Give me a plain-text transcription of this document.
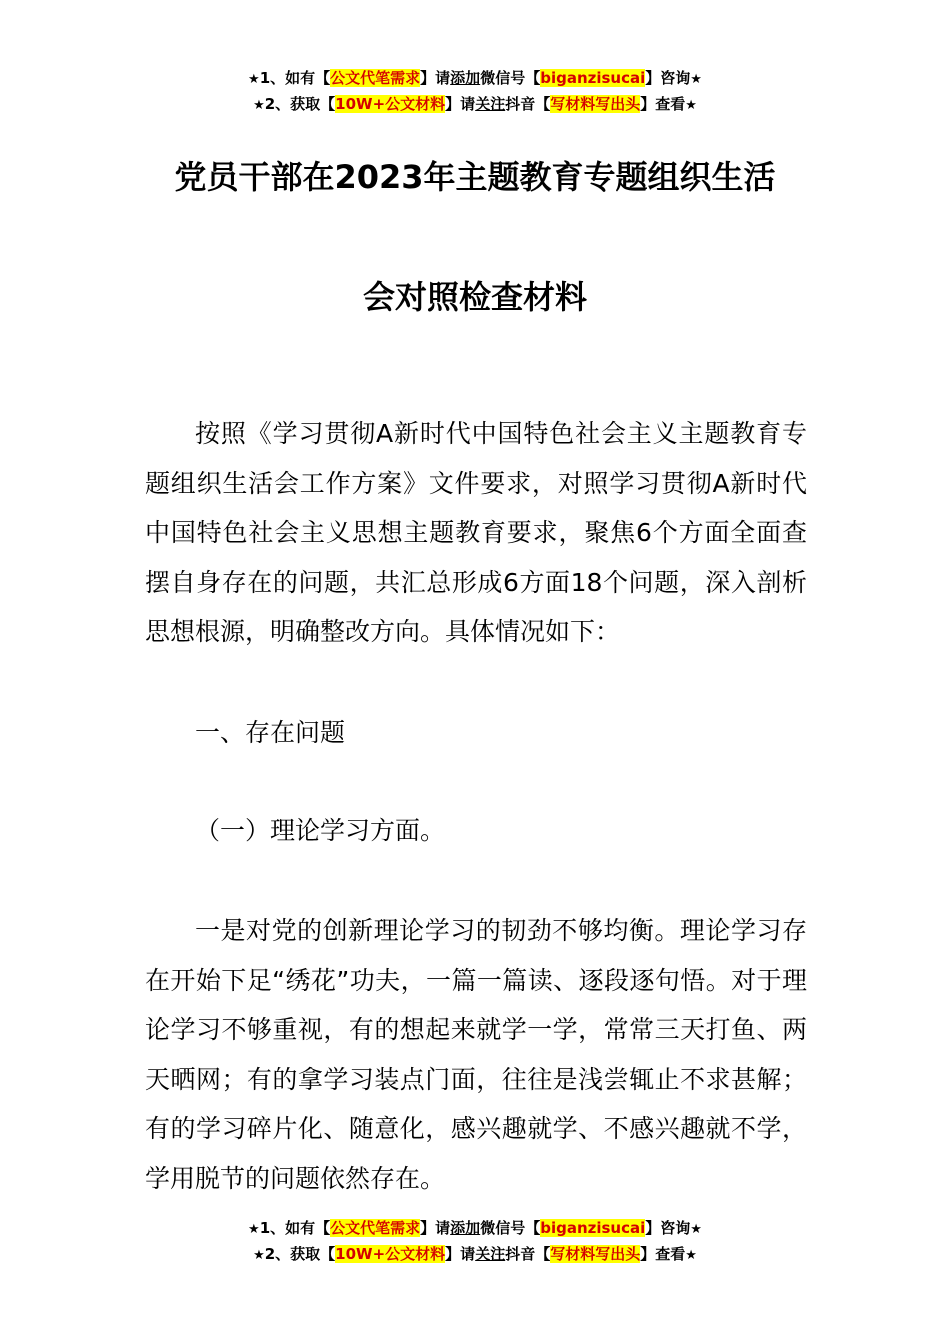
★1、如有【公文代笔需求】请添加微信号【biganzisucai】咨询★
★2、获取【10W+公文材料】请关注抖音【写材料写出头】查看★
党员干部在2023年主题教育专题组织生活
会对照检查材料

按照《学习贯彻A新时代中国特色社会主义主题教育专题组织生活会工作方案》文件要求，对照学习贯彻A新时代中国特色社会主义思想主题教育要求，聚焦6个方面全面查摆自身存在的问题，共汇总形成6方面18个问题，深入剖析思想根源，明确整改方向。具体情况如下：

一、存在问题

（一）理论学习方面。

一是对党的创新理论学习的韧劲不够均衡。理论学习存在开始下足“绣花”功夫，一篇一篇读、逐段逐句悟。对于理论学习不够重视，有的想起来就学一学，常常三天打鱼、两天晒网；有的拿学习装点门面，往往是浅尝辄止不求甚解；有的学习碎片化、随意化，感兴趣就学、不感兴趣就不学，学用脱节的问题依然存在。

★1、如有【公文代笔需求】请添加微信号【biganzisucai】咨询★
★2、获取【10W+公文材料】请关注抖音【写材料写出头】查看★
